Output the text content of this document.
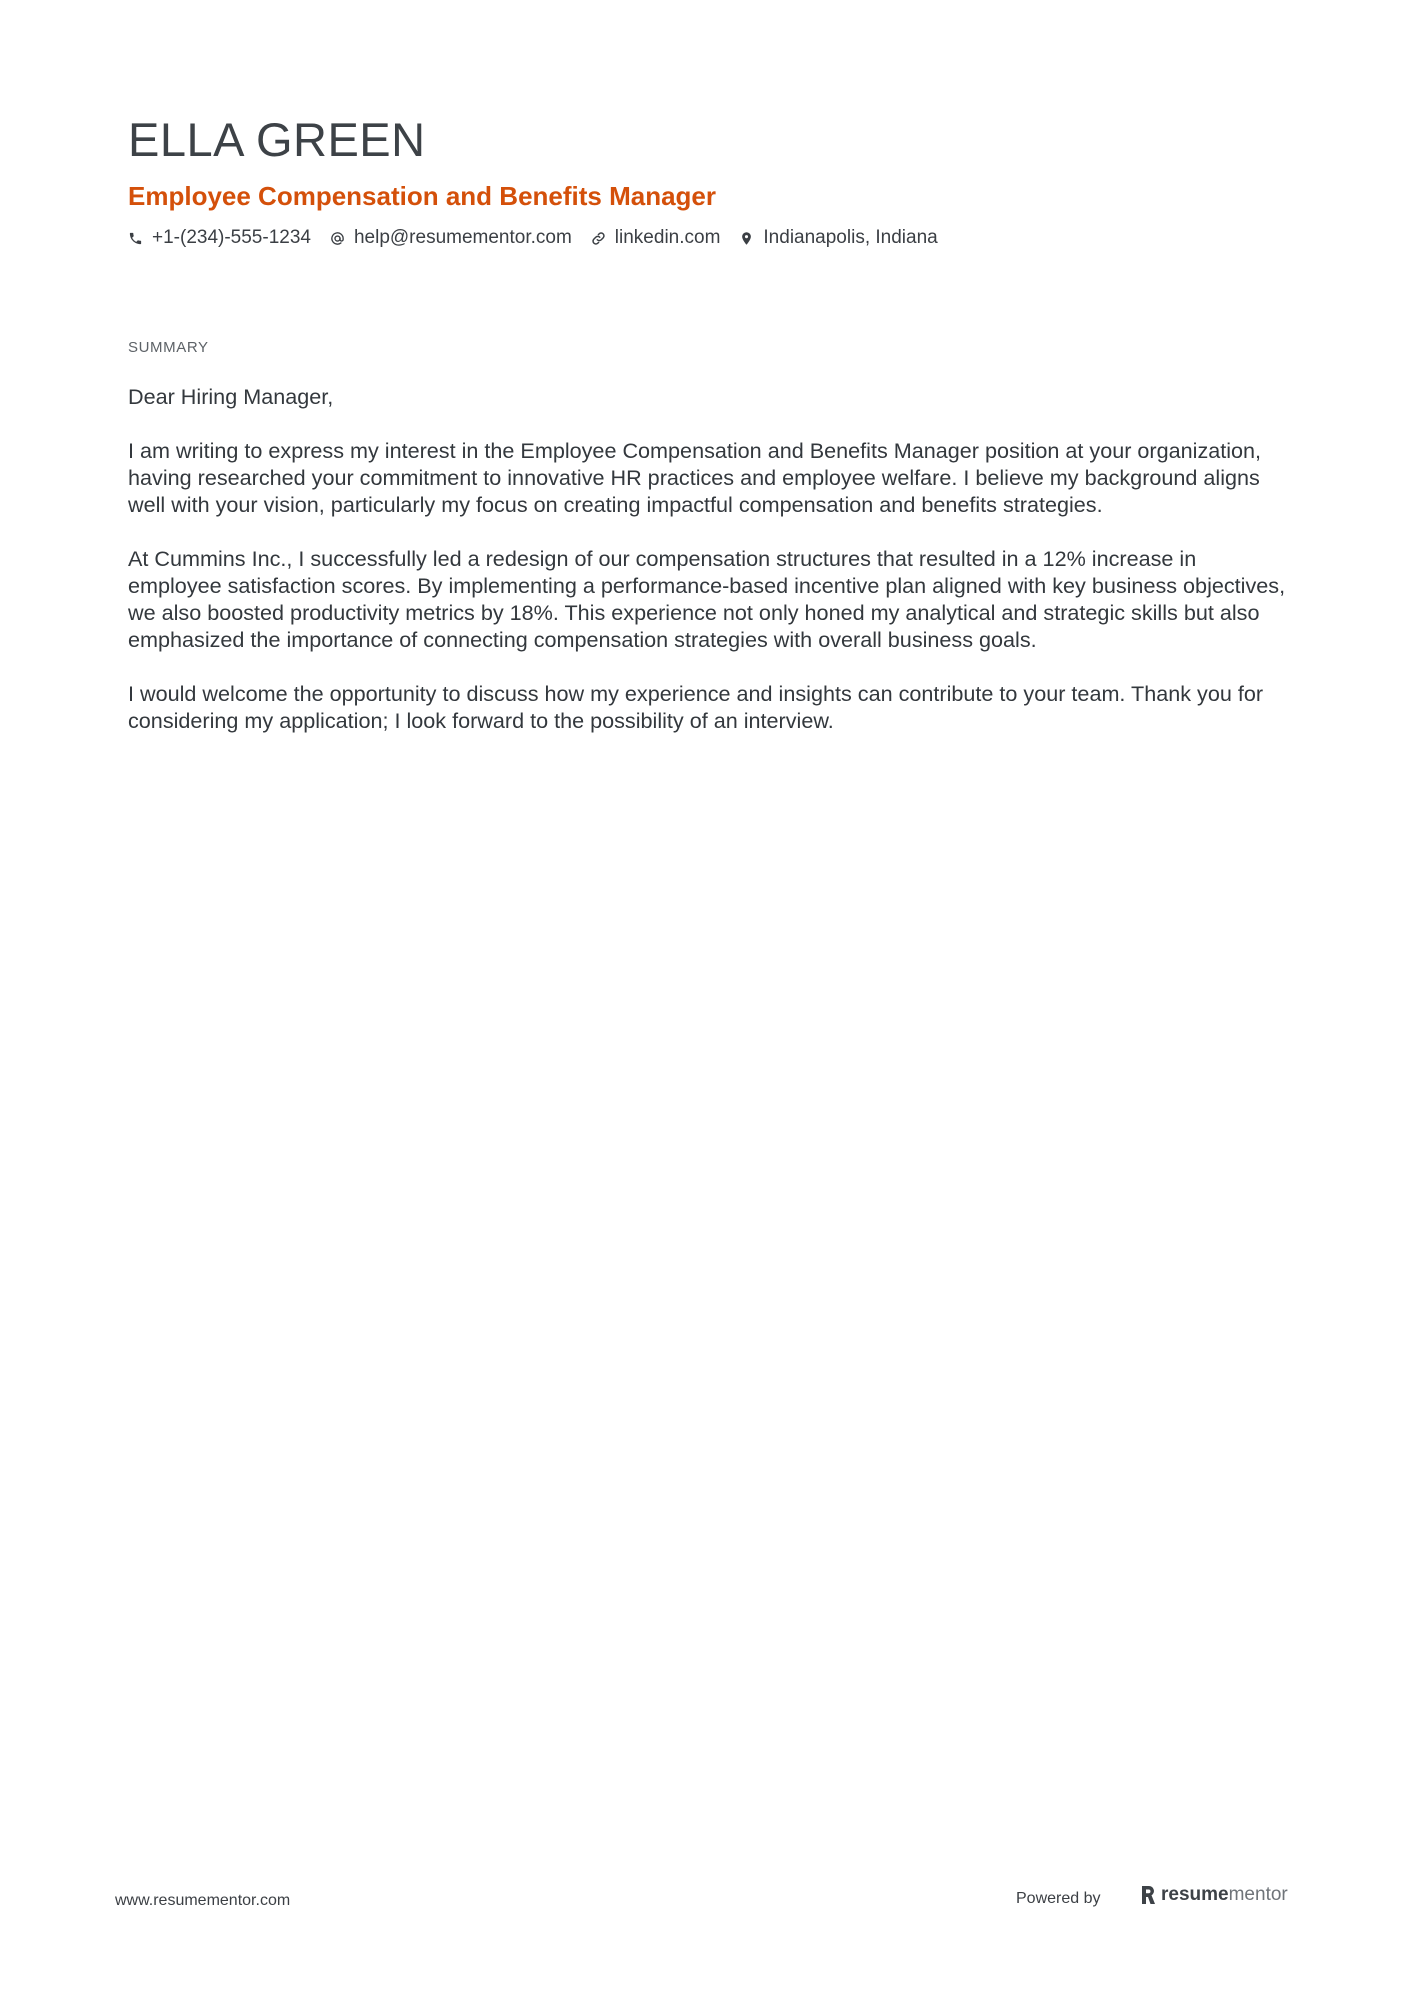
ELLA GREEN
Employee Compensation and Benefits Manager
+1-(234)-555-1234 help@resumementor.com linkedin.com Indianapolis, Indiana
SUMMARY

Dear Hiring Manager,

I am writing to express my interest in the Employee Compensation and Benefits Manager position at your organization, having researched your commitment to innovative HR practices and employee welfare. I believe my background aligns well with your vision, particularly my focus on creating impactful compensation and benefits strategies.

At Cummins Inc., I successfully led a redesign of our compensation structures that resulted in a 12% increase in employee satisfaction scores. By implementing a performance-based incentive plan aligned with key business objectives, we also boosted productivity metrics by 18%. This experience not only honed my analytical and strategic skills but also emphasized the importance of connecting compensation strategies with overall business goals.

I would welcome the opportunity to discuss how my experience and insights can contribute to your team. Thank you for considering my application; I look forward to the possibility of an interview.

www.resumementor.com	Powered by	resume mentor
